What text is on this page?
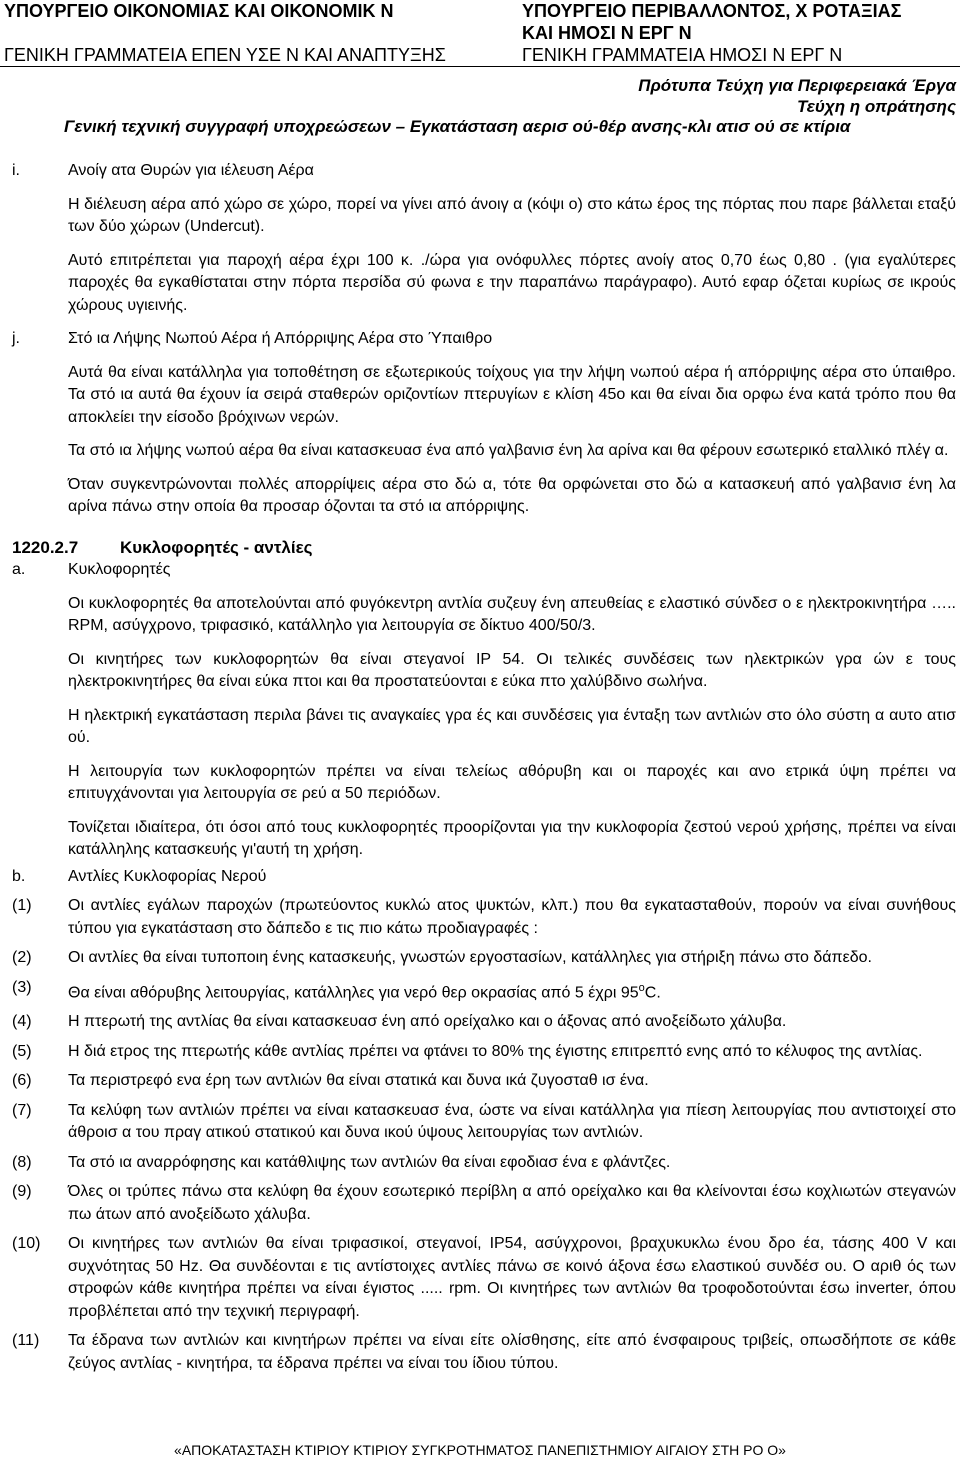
ΥΠΟΥΡΓΕΙΟ ΟΙΚΟΝΟΜΙΑΣ ΚΑΙ ΟΙΚΟΝΟΜΙΚ Ν
ΓΕΝΙΚΗ ΓΡΑΜΜΑΤΕΙΑ ΕΠΕΝ ΥΣΕ Ν ΚΑΙ ΑΝΑΠΤΥΞΗΣ
ΥΠΟΥΡΓΕΙΟ ΠΕΡΙΒΑΛΛΟΝΤΟΣ, Χ ΡΟΤΑΞΙΑΣ
ΚΑΙ ΗΜΟΣΙ Ν ΕΡΓ Ν
ΓΕΝΙΚΗ ΓΡΑΜΜΑΤΕΙΑ ΗΜΟΣΙ Ν ΕΡΓ Ν
Πρότυπα Τεύχη για Περιφερειακά Έργα
Τεύχη η οπράτησης
Γενική τεχνική συγγραφή υποχρεώσεων – Εγκατάσταση αερισ ού-θέρ ανσης-κλι ατισ ού σε κτίρια
i.	Ανοίγ ατα Θυρών για ιέλευση Αέρα
Η διέλευση αέρα από χώρο σε χώρο, πορεί να γίνει από άνοιγ α (κόψι ο) στο κάτω έρος της πόρτας που παρε βάλλεται εταξύ των δύο χώρων (Undercut).
Αυτό επιτρέπεται για παροχή αέρα έχρι 100 κ. ./ώρα για ονόφυλλες πόρτες ανοίγ ατος 0,70 έως 0,80 . (για εγαλύτερες παροχές θα εγκαθίσταται στην πόρτα περσίδα σύ φωνα ε την παραπάνω παράγραφο). Αυτό εφαρ όζεται κυρίως σε ικρούς χώρους υγιεινής.
j.	Στό ια Λήψης Νωπού Αέρα ή Απόρριψης Αέρα στο Ύπαιθρο
Αυτά θα είναι κατάλληλα για τοποθέτηση σε εξωτερικούς τοίχους για την λήψη νωπού αέρα ή απόρριψης αέρα στο ύπαιθρο. Τα στό ια αυτά θα έχουν ία σειρά σταθερών οριζοντίων πτερυγίων ε κλίση 45ο και θα είναι δια ορφω ένα κατά τρόπο που θα αποκλείει την είσοδο βρόχινων νερών.
Τα στό ια λήψης νωπού αέρα θα είναι κατασκευασ ένα από γαλβανισ ένη λα αρίνα και θα φέρουν εσωτερικό εταλλικό πλέγ α.
Όταν συγκεντρώνονται πολλές απορρίψεις αέρα στο δώ α, τότε θα ορφώνεται στο δώ α κατασκευή από γαλβανισ ένη λα αρίνα πάνω στην οποία θα προσαρ όζονται τα στό ια απόρριψης.
1220.2.7	Κυκλοφορητές - αντλίες
a.	Κυκλοφορητές
Οι κυκλοφορητές θα αποτελούνται από φυγόκεντρη αντλία συζευγ ένη απευθείας ε ελαστικό σύνδεσ ο ε ηλεκτροκινητήρα ….. RPM, ασύγχρονο, τριφασικό, κατάλληλο για λειτουργία σε δίκτυο 400/50/3.
Οι κινητήρες των κυκλοφορητών θα είναι στεγανοί IP 54. Οι τελικές συνδέσεις των ηλεκτρικών γρα ών ε τους ηλεκτροκινητήρες θα είναι εύκα πτοι και θα προστατεύονται ε εύκα πτο χαλύβδινο σωλήνα.
Η ηλεκτρική εγκατάσταση περιλα βάνει τις αναγκαίες γρα ές και συνδέσεις για ένταξη των αντλιών στο όλο σύστη α αυτο ατισ ού.
Η λειτουργία των κυκλοφορητών πρέπει να είναι τελείως αθόρυβη και οι παροχές και ανο ετρικά ύψη πρέπει να επιτυγχάνονται για λειτουργία σε ρεύ α 50 περιόδων.
Τονίζεται ιδιαίτερα, ότι όσοι από τους κυκλοφορητές προορίζονται για την κυκλοφορία ζεστού νερού χρήσης, πρέπει να είναι κατάλληλης κατασκευής γι'αυτή τη χρήση.
b.	Αντλίες Κυκλοφορίας Νερού
(1)	Οι αντλίες εγάλων παροχών (πρωτεύοντος κυκλώ ατος ψυκτών, κλπ.) που θα εγκατασταθούν, πορούν να είναι συνήθους τύπου για εγκατάσταση στο δάπεδο ε τις πιο κάτω προδιαγραφές :
(2)	Οι αντλίες θα είναι τυποποιη ένης κατασκευής, γνωστών εργοστασίων, κατάλληλες για στήριξη πάνω στο δάπεδο.
(3)	Θα είναι αθόρυβης λειτουργίας, κατάλληλες για νερό θερ οκρασίας από 5 έχρι $95^oC$.
(4)	Η πτερωτή της αντλίας θα είναι κατασκευασ ένη από ορείχαλκο και ο άξονας από ανοξείδωτο χάλυβα.
(5)	Η διά ετρος της πτερωτής κάθε αντλίας πρέπει να φτάνει το 80% της έγιστης επιτρεπτό ενης από το κέλυφος της αντλίας.
(6)	Τα περιστρεφό ενα έρη των αντλιών θα είναι στατικά και δυνα ικά ζυγοσταθ ισ ένα.
(7)	Τα κελύφη των αντλιών πρέπει να είναι κατασκευασ ένα, ώστε να είναι κατάλληλα για πίεση λειτουργίας που αντιστοιχεί στο άθροισ α του πραγ ατικού στατικού και δυνα ικού ύψους λειτουργίας των αντλιών.
(8)	Τα στό ια αναρρόφησης και κατάθλιψης των αντλιών θα είναι εφοδιασ ένα ε φλάντζες.
(9)	Όλες οι τρύπες πάνω στα κελύφη θα έχουν εσωτερικό περίβλη α από ορείχαλκο και θα κλείνονται έσω κοχλιωτών στεγανών πω άτων από ανοξείδωτο χάλυβα.
(10)	Οι κινητήρες των αντλιών θα είναι τριφασικοί, στεγανοί, IP54, ασύγχρονοι, βραχυκυκλω ένου δρο έα, τάσης 400 V και συχνότητας 50 Hz. Θα συνδέονται ε τις αντίστοιχες αντλίες πάνω σε κοινό άξονα έσω ελαστικού συνδέσ ου. Ο αριθ ός των στροφών κάθε κινητήρα πρέπει να είναι έγιστος ..... rpm. Οι κινητήρες των αντλιών θα τροφοδοτούνται έσω inverter, όπου προβλέπεται από την τεχνική περιγραφή.
(11)	Τα έδρανα των αντλιών και κινητήρων πρέπει να είναι είτε ολίσθησης, είτε από ένσφαιρους τριβείς, οπωσδήποτε σε κάθε ζεύγος αντλίας - κινητήρα, τα έδρανα πρέπει να είναι του ίδιου τύπου.
«ΑΠΟΚΑΤΑΣΤΑΣΗ ΚΤΙΡΙΟΥ ΚΤΙΡΙΟΥ ΣΥΓΚΡΟΤΗΜΑΤΟΣ ΠΑΝΕΠΙΣΤΗΜΙΟΥ ΑΙΓΑΙΟΥ ΣΤΗ ΡΟ Ο»
